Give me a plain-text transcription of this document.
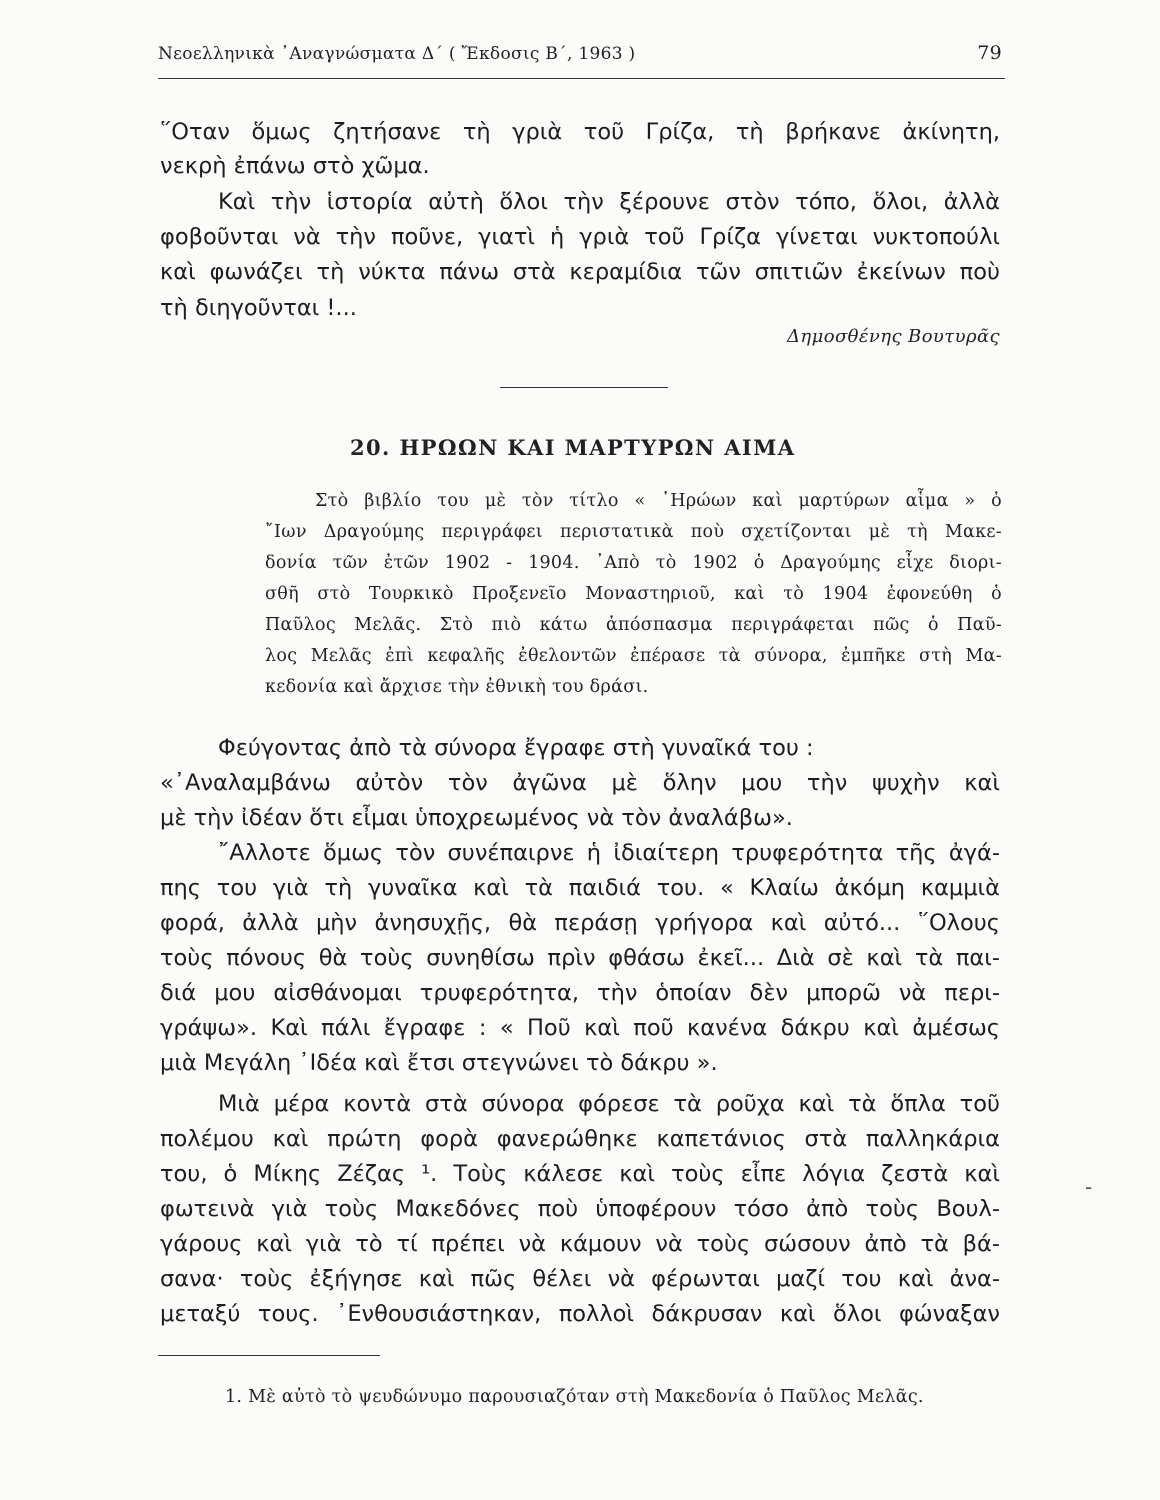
Νεοελληνικὰ ᾿Αναγνώσματα Δ΄ ( Ἔκδοσις Β΄, 1963 )	79
῞Οταν ὅμως ζητήσανε τὴ γριὰ τοῦ Γρίζα, τὴ βρήκανε ἀκίνητη,
νεκρὴ ἐπάνω στὸ χῶμα.
Καὶ τὴν ἱστορία αὐτὴ ὅλοι τὴν ξέρουνε στὸν τόπο, ὅλοι, ἀλλὰ
φοβοῦνται νὰ τὴν ποῦνε, γιατὶ ἡ γριὰ τοῦ Γρίζα γίνεται νυκτοπούλι
καὶ φωνάζει τὴ νύκτα πάνω στὰ κεραμίδια τῶν σπιτιῶν ἐκείνων ποὺ
τὴ διηγοῦνται !...
Δημοσθένης Βουτυρᾶς
20. ΗΡΩΩΝ ΚΑΙ ΜΑΡΤΥΡΩΝ ΑΙΜΑ
Στὸ βιβλίο του μὲ τὸν τίτλο « ῾Ηρώων καὶ μαρτύρων αἷμα » ὁ
῎Ιων Δραγούμης περιγράφει περιστατικὰ ποὺ σχετίζονται μὲ τὴ Μακε-
δονία τῶν ἐτῶν 1902 - 1904. ᾿Απὸ τὸ 1902 ὁ Δραγούμης εἶχε διορι-
σθῆ στὸ Τουρκικὸ Προξενεῖο Μοναστηριοῦ, καὶ τὸ 1904 ἐφονεύθη ὁ
Παῦλος Μελᾶς. Στὸ πιὸ κάτω ἀπόσπασμα περιγράφεται πῶς ὁ Παῦ-
λος Μελᾶς ἐπὶ κεφαλῆς ἐθελοντῶν ἐπέρασε τὰ σύνορα, ἐμπῆκε στὴ Μα-
κεδονία καὶ ἄρχισε τὴν ἐθνικὴ του δράσι.
Φεύγοντας ἀπὸ τὰ σύνορα ἔγραφε στὴ γυναῖκά του :
«᾿Αναλαμβάνω αὐτὸν τὸν ἀγῶνα μὲ ὅλην μου τὴν ψυχὴν καὶ
μὲ τὴν ἰδέαν ὅτι εἶμαι ὑποχρεωμένος νὰ τὸν ἀναλάβω».
῎Αλλοτε ὅμως τὸν συνέπαιρνε ἡ ἰδιαίτερη τρυφερότητα τῆς ἀγά-
πης του γιὰ τὴ γυναῖκα καὶ τὰ παιδιά του. « Κλαίω ἀκόμη καμμιὰ
φορά, ἀλλὰ μὴν ἀνησυχῇς, θὰ περάσῃ γρήγορα καὶ αὐτό... ῞Ολους
τοὺς πόνους θὰ τοὺς συνηθίσω πρὶν φθάσω ἐκεῖ... Διὰ σὲ καὶ τὰ παι-
διά μου αἰσθάνομαι τρυφερότητα, τὴν ὁποίαν δὲν μπορῶ νὰ περι-
γράψω». Καὶ πάλι ἔγραφε : « Ποῦ καὶ ποῦ κανένα δάκρυ καὶ ἀμέσως
μιὰ Μεγάλη ᾿Ιδέα καὶ ἔτσι στεγνώνει τὸ δάκρυ ».
Μιὰ μέρα κοντὰ στὰ σύνορα φόρεσε τὰ ροῦχα καὶ τὰ ὅπλα τοῦ
πολέμου καὶ πρώτη φορὰ φανερώθηκε καπετάνιος στὰ παλληκάρια
του, ὁ Μίκης Ζέζας ¹. Τοὺς κάλεσε καὶ τοὺς εἶπε λόγια ζεστὰ καὶ
φωτεινὰ γιὰ τοὺς Μακεδόνες ποὺ ὑποφέρουν τόσο ἀπὸ τοὺς Βουλ-
γάρους καὶ γιὰ τὸ τί πρέπει νὰ κάμουν νὰ τοὺς σώσουν ἀπὸ τὰ βά-
σανα· τοὺς ἐξήγησε καὶ πῶς θέλει νὰ φέρωνται μαζί του καὶ ἀνα-
μεταξύ τους. ᾿Ενθουσιάστηκαν, πολλοὶ δάκρυσαν καὶ ὅλοι φώναξαν
1. Μὲ αὐτὸ τὸ ψευδώνυμο παρουσιαζόταν στὴ Μακεδονία ὁ Παῦλος Μελᾶς.
-
